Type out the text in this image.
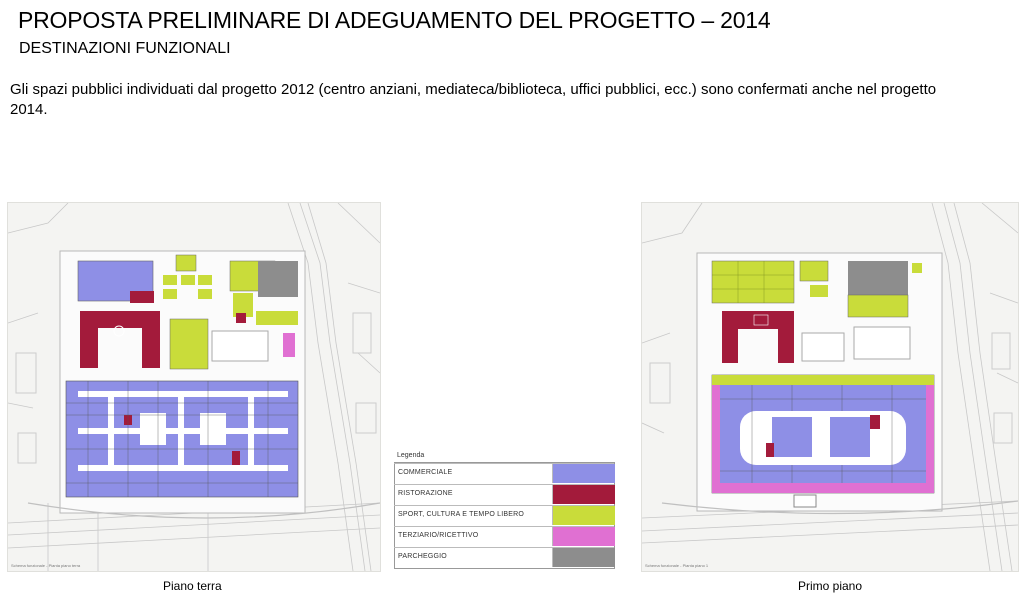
PROPOSTA PRELIMINARE DI ADEGUAMENTO DEL PROGETTO – 2014
DESTINAZIONI FUNZIONALI
Gli spazi pubblici individuati dal progetto 2012 (centro anziani, mediateca/biblioteca, uffici pubblici, ecc.) sono confermati anche nel progetto 2014.
Schema funzionale - Pianta piano terra
Piano terra
Schema funzionale - Pianta piano 1
Primo piano
Legenda
COMMERCIALE
RISTORAZIONE
SPORT, CULTURA E TEMPO LIBERO
TERZIARIO/RICETTIVO
PARCHEGGIO
